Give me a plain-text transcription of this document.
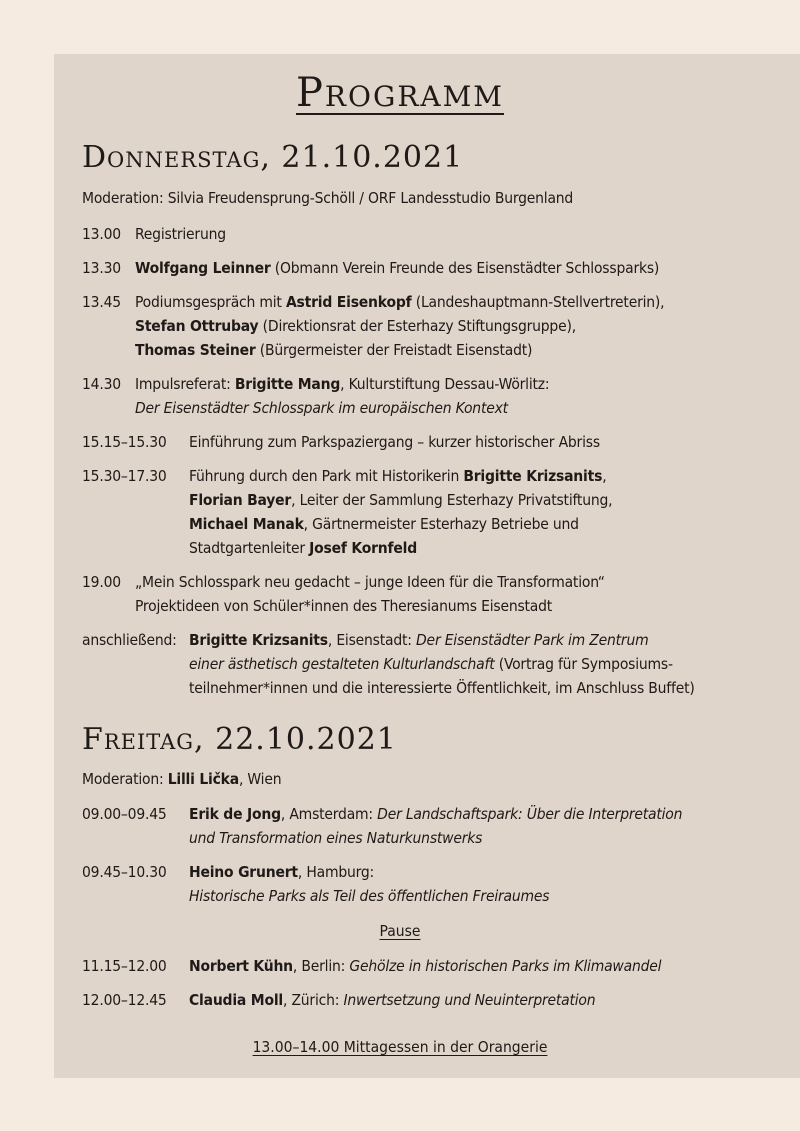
Programm
Donnerstag, 21.10.2021
Moderation: Silvia Freudensprung-Schöll / ORF Landesstudio Burgenland
13.00 Registrierung
13.30 Wolfgang Leinner (Obmann Verein Freunde des Eisenstädter Schlossparks)
13.45 Podiumsgespräch mit Astrid Eisenkopf (Landeshauptmann-Stellvertreterin),
Stefan Ottrubay (Direktionsrat der Esterhazy Stiftungsgruppe),
Thomas Steiner (Bürgermeister der Freistadt Eisenstadt)
14.30 Impulsreferat: Brigitte Mang, Kulturstiftung Dessau-Wörlitz:
Der Eisenstädter Schlosspark im europäischen Kontext
15.15–15.30 Einführung zum Parkspaziergang – kurzer historischer Abriss
15.30–17.30 Führung durch den Park mit Historikerin Brigitte Krizsanits,
Florian Bayer, Leiter der Sammlung Esterhazy Privatstiftung,
Michael Manak, Gärtnermeister Esterhazy Betriebe und
Stadtgartenleiter Josef Kornfeld
19.00 „Mein Schlosspark neu gedacht – junge Ideen für die Transformation“
Projektideen von Schüler*innen des Theresianums Eisenstadt
anschließend: Brigitte Krizsanits, Eisenstadt: Der Eisenstädter Park im Zentrum
einer ästhetisch gestalteten Kulturlandschaft (Vortrag für Symposiums-
teilnehmer*innen und die interessierte Öffentlichkeit, im Anschluss Buffet)
Freitag, 22.10.2021
Moderation: Lilli Lička, Wien
09.00–09.45 Erik de Jong, Amsterdam: Der Landschaftspark: Über die Interpretation
und Transformation eines Naturkunstwerks
09.45–10.30 Heino Grunert, Hamburg:
Historische Parks als Teil des öffentlichen Freiraumes
Pause
11.15–12.00 Norbert Kühn, Berlin: Gehölze in historischen Parks im Klimawandel
12.00–12.45 Claudia Moll, Zürich: Inwertsetzung und Neuinterpretation
13.00–14.00 Mittagessen in der Orangerie
